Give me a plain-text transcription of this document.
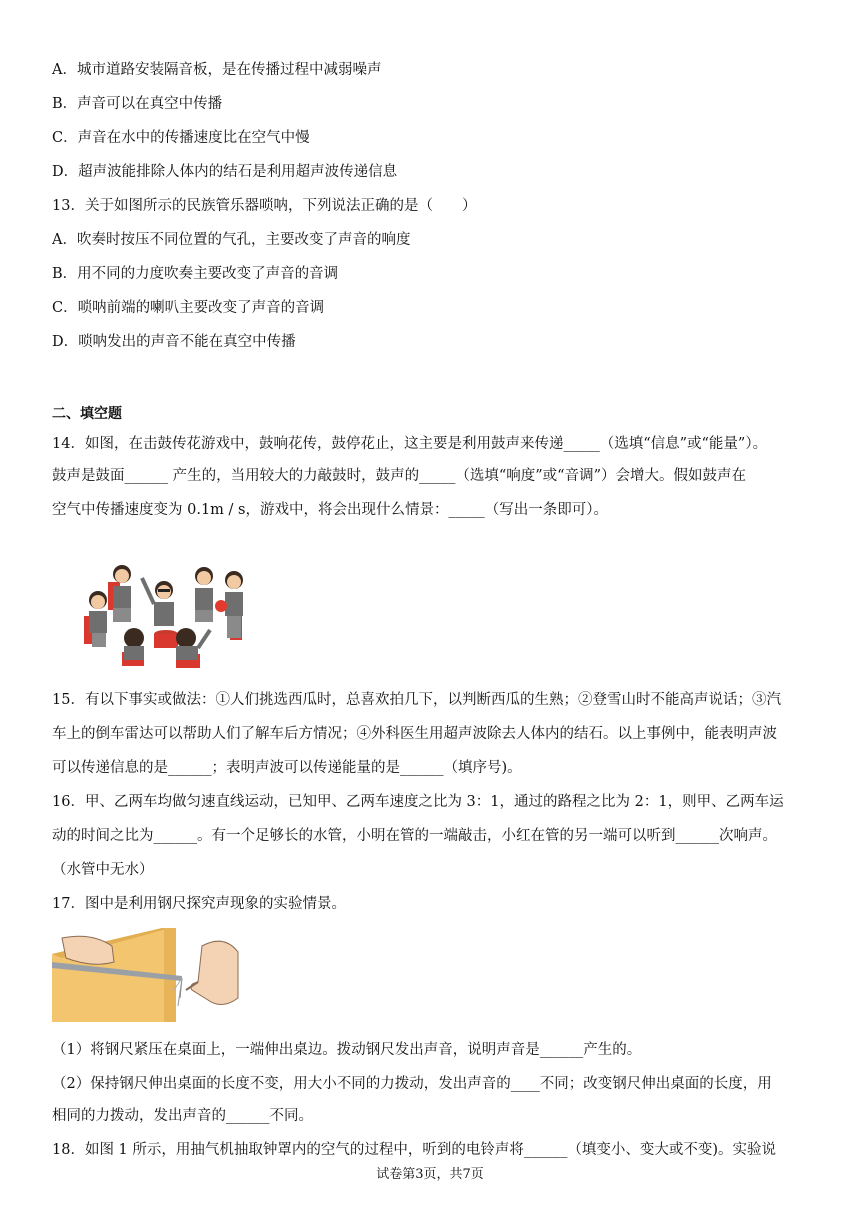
A．城市道路安装隔音板，是在传播过程中减弱噪声
B．声音可以在真空中传播
C．声音在水中的传播速度比在空气中慢
D．超声波能排除人体内的结石是利用超声波传递信息
13．关于如图所示的民族管乐器唢呐，下列说法正确的是（　　）
A．吹奏时按压不同位置的气孔，主要改变了声音的响度
B．用不同的力度吹奏主要改变了声音的音调
C．唢呐前端的喇叭主要改变了声音的音调
D．唢呐发出的声音不能在真空中传播
二、填空题
14．如图，在击鼓传花游戏中，鼓响花传，鼓停花止，这主要是利用鼓声来传递_____（选填“信息”或“能量”）。
鼓声是鼓面______ 产生的，当用较大的力敲鼓时，鼓声的_____（选填“响度”或“音调”）会增大。假如鼓声在
空气中传播速度变为 0.1m / s，游戏中，将会出现什么情景：_____（写出一条即可）。
15．有以下事实或做法：①人们挑选西瓜时，总喜欢拍几下，以判断西瓜的生熟；②登雪山时不能高声说话；③汽
车上的倒车雷达可以帮助人们了解车后方情况；④外科医生用超声波除去人体内的结石。以上事例中，能表明声波
可以传递信息的是______；表明声波可以传递能量的是______（填序号)。
16．甲、乙两车均做匀速直线运动，已知甲、乙两车速度之比为 3：1，通过的路程之比为 2：1，则甲、乙两车运
动的时间之比为______。有一个足够长的水管，小明在管的一端敲击，小红在管的另一端可以听到______次响声。
（水管中无水）
17．图中是利用钢尺探究声现象的实验情景。
（1）将钢尺紧压在桌面上，一端伸出桌边。拨动钢尺发出声音，说明声音是______产生的。
（2）保持钢尺伸出桌面的长度不变，用大小不同的力拨动，发出声音的____不同；改变钢尺伸出桌面的长度，用
相同的力拨动，发出声音的______不同。
18．如图 1 所示，用抽气机抽取钟罩内的空气的过程中，听到的电铃声将______（填变小、变大或不变)。实验说
试卷第3页，共7页
